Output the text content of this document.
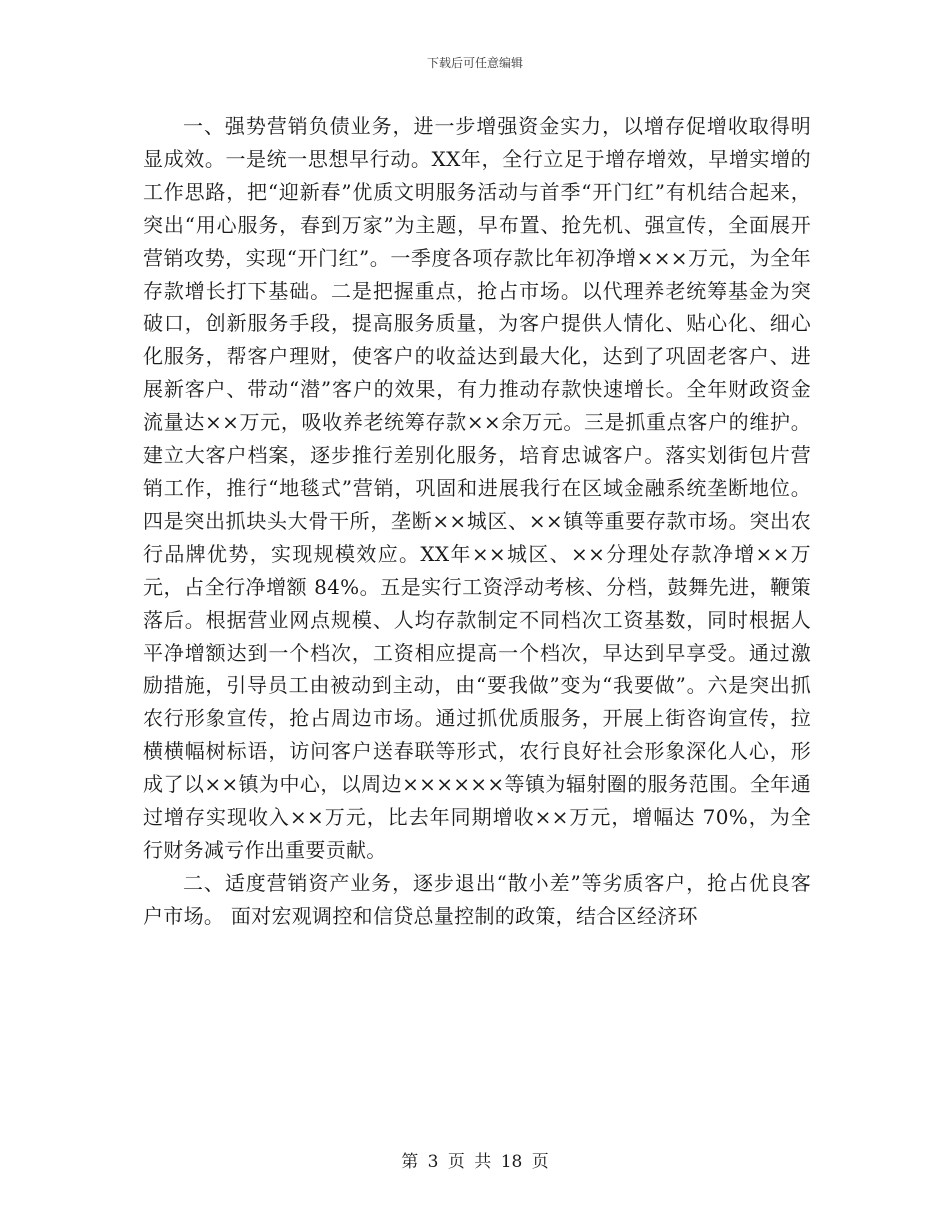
下载后可任意编辑

一、强势营销负债业务，进一步增强资金实力，以增存促增收取得明显成效。一是统一思想早行动。XX年，全行立足于增存增效，早增实增的工作思路，把“迎新春”优质文明服务活动与首季“开门红”有机结合起来，突出“用心服务，春到万家”为主题，早布置、抢先机、强宣传，全面展开营销攻势，实现“开门红”。一季度各项存款比年初净增×××万元，为全年存款增长打下基础。二是把握重点，抢占市场。以代理养老统筹基金为突破口，创新服务手段，提高服务质量，为客户提供人情化、贴心化、细心化服务，帮客户理财，使客户的收益达到最大化，达到了巩固老客户、进展新客户、带动“潜”客户的效果，有力推动存款快速增长。全年财政资金流量达××万元，吸收养老统筹存款××余万元。三是抓重点客户的维护。建立大客户档案，逐步推行差别化服务，培育忠诚客户。落实划街包片营销工作，推行“地毯式”营销，巩固和进展我行在区域金融系统垄断地位。四是突出抓块头大骨干所，垄断××城区、××镇等重要存款市场。突出农行品牌优势，实现规模效应。XX年××城区、××分理处存款净增××万元，占全行净增额 84%。五是实行工资浮动考核、分档，鼓舞先进，鞭策落后。根据营业网点规模、人均存款制定不同档次工资基数，同时根据人平净增额达到一个档次，工资相应提高一个档次，早达到早享受。通过激励措施，引导员工由被动到主动，由“要我做”变为“我要做”。六是突出抓农行形象宣传，抢占周边市场。通过抓优质服务，开展上街咨询宣传，拉横横幅树标语，访问客户送春联等形式，农行良好社会形象深化人心，形成了以××镇为中心，以周边××××××等镇为辐射圈的服务范围。全年通过增存实现收入××万元，比去年同期增收××万元，增幅达 70%，为全行财务减亏作出重要贡献。

二、适度营销资产业务，逐步退出“散小差”等劣质客户，抢占优良客户市场。 面对宏观调控和信贷总量控制的政策，结合区经济环

第 3 页 共 18 页
